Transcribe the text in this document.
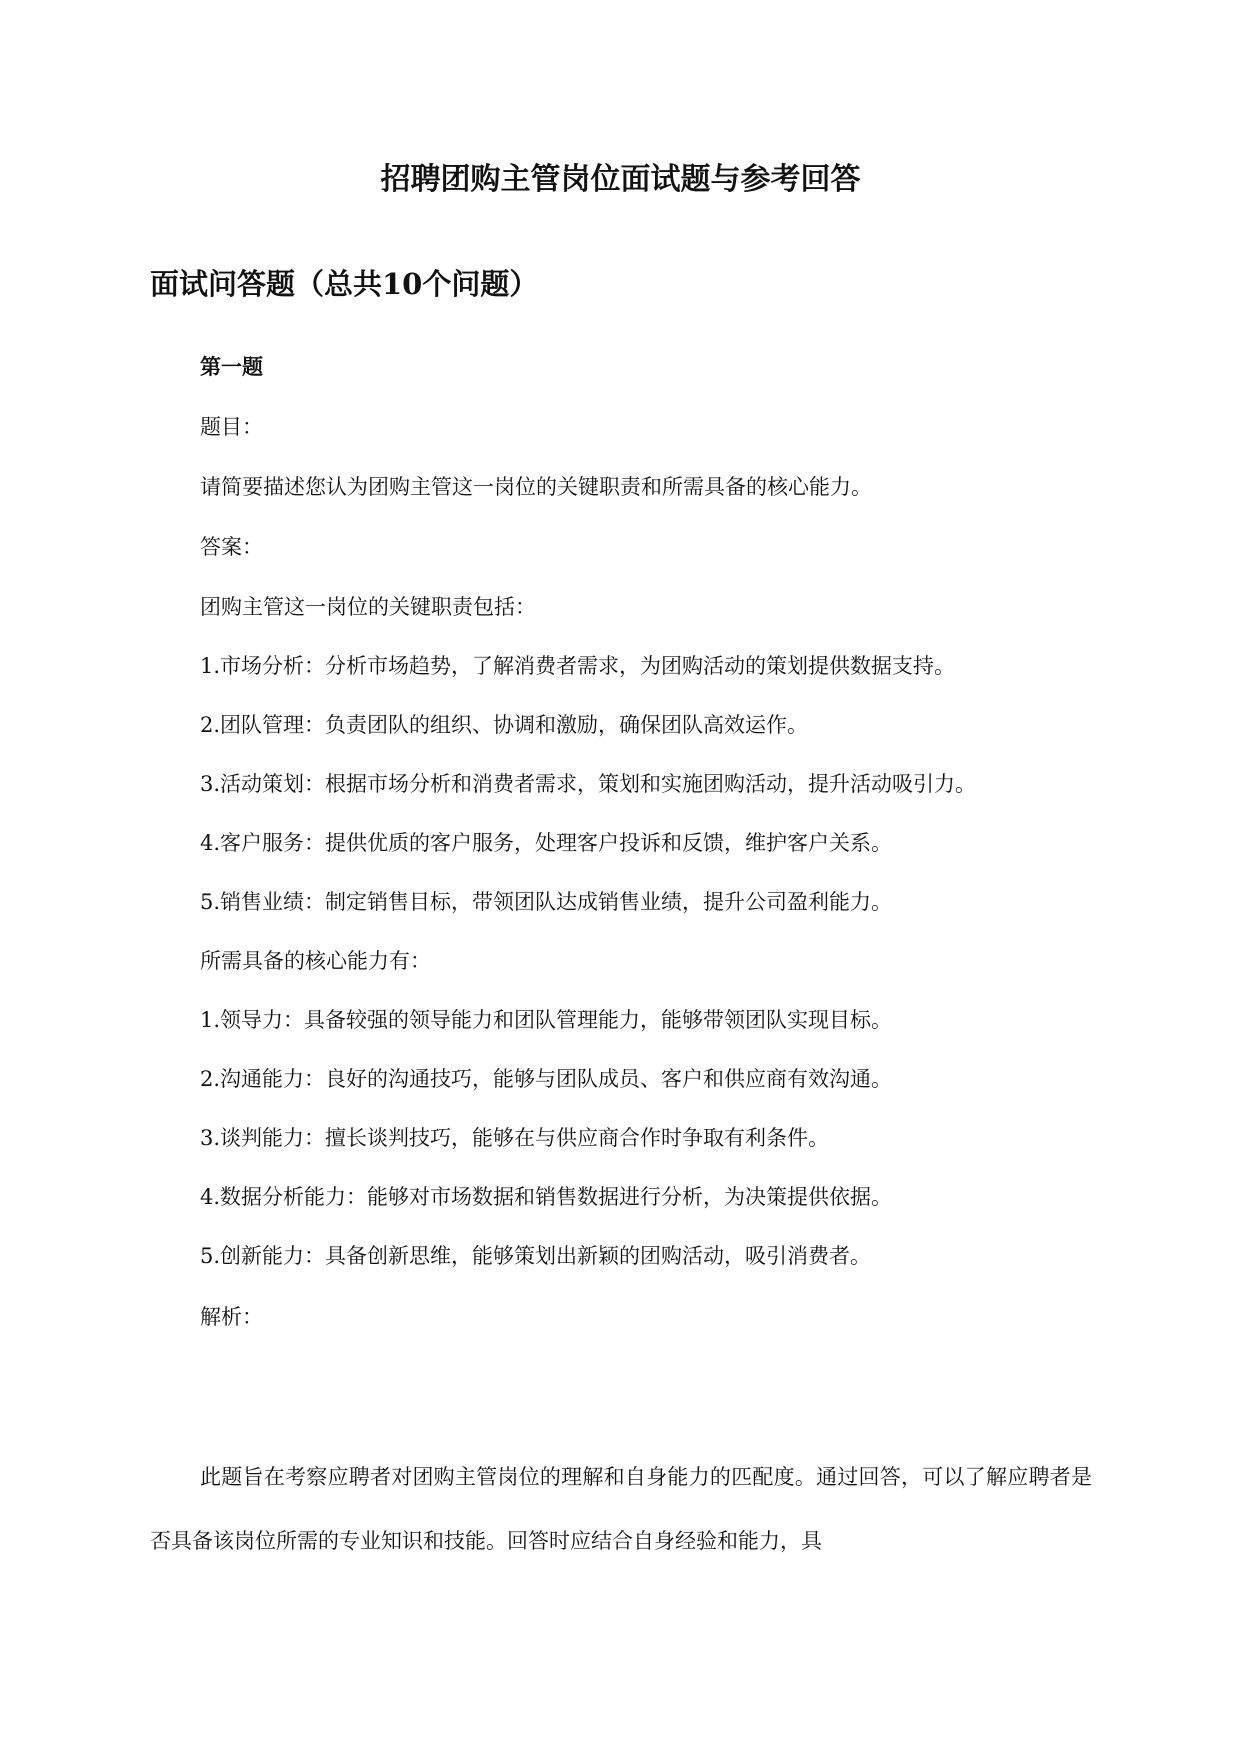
招聘团购主管岗位面试题与参考回答
面试问答题（总共10个问题）
第一题
题目：
请简要描述您认为团购主管这一岗位的关键职责和所需具备的核心能力。
答案：
团购主管这一岗位的关键职责包括：
1.市场分析：分析市场趋势，了解消费者需求，为团购活动的策划提供数据支持。
2.团队管理：负责团队的组织、协调和激励，确保团队高效运作。
3.活动策划：根据市场分析和消费者需求，策划和实施团购活动，提升活动吸引力。
4.客户服务：提供优质的客户服务，处理客户投诉和反馈，维护客户关系。
5.销售业绩：制定销售目标，带领团队达成销售业绩，提升公司盈利能力。
所需具备的核心能力有：
1.领导力：具备较强的领导能力和团队管理能力，能够带领团队实现目标。
2.沟通能力：良好的沟通技巧，能够与团队成员、客户和供应商有效沟通。
3.谈判能力：擅长谈判技巧，能够在与供应商合作时争取有利条件。
4.数据分析能力：能够对市场数据和销售数据进行分析，为决策提供依据。
5.创新能力：具备创新思维，能够策划出新颖的团购活动，吸引消费者。
解析：
此题旨在考察应聘者对团购主管岗位的理解和自身能力的匹配度。通过回答，可以了解应聘者是否具备该岗位所需的专业知识和技能。回答时应结合自身经验和能力，具
